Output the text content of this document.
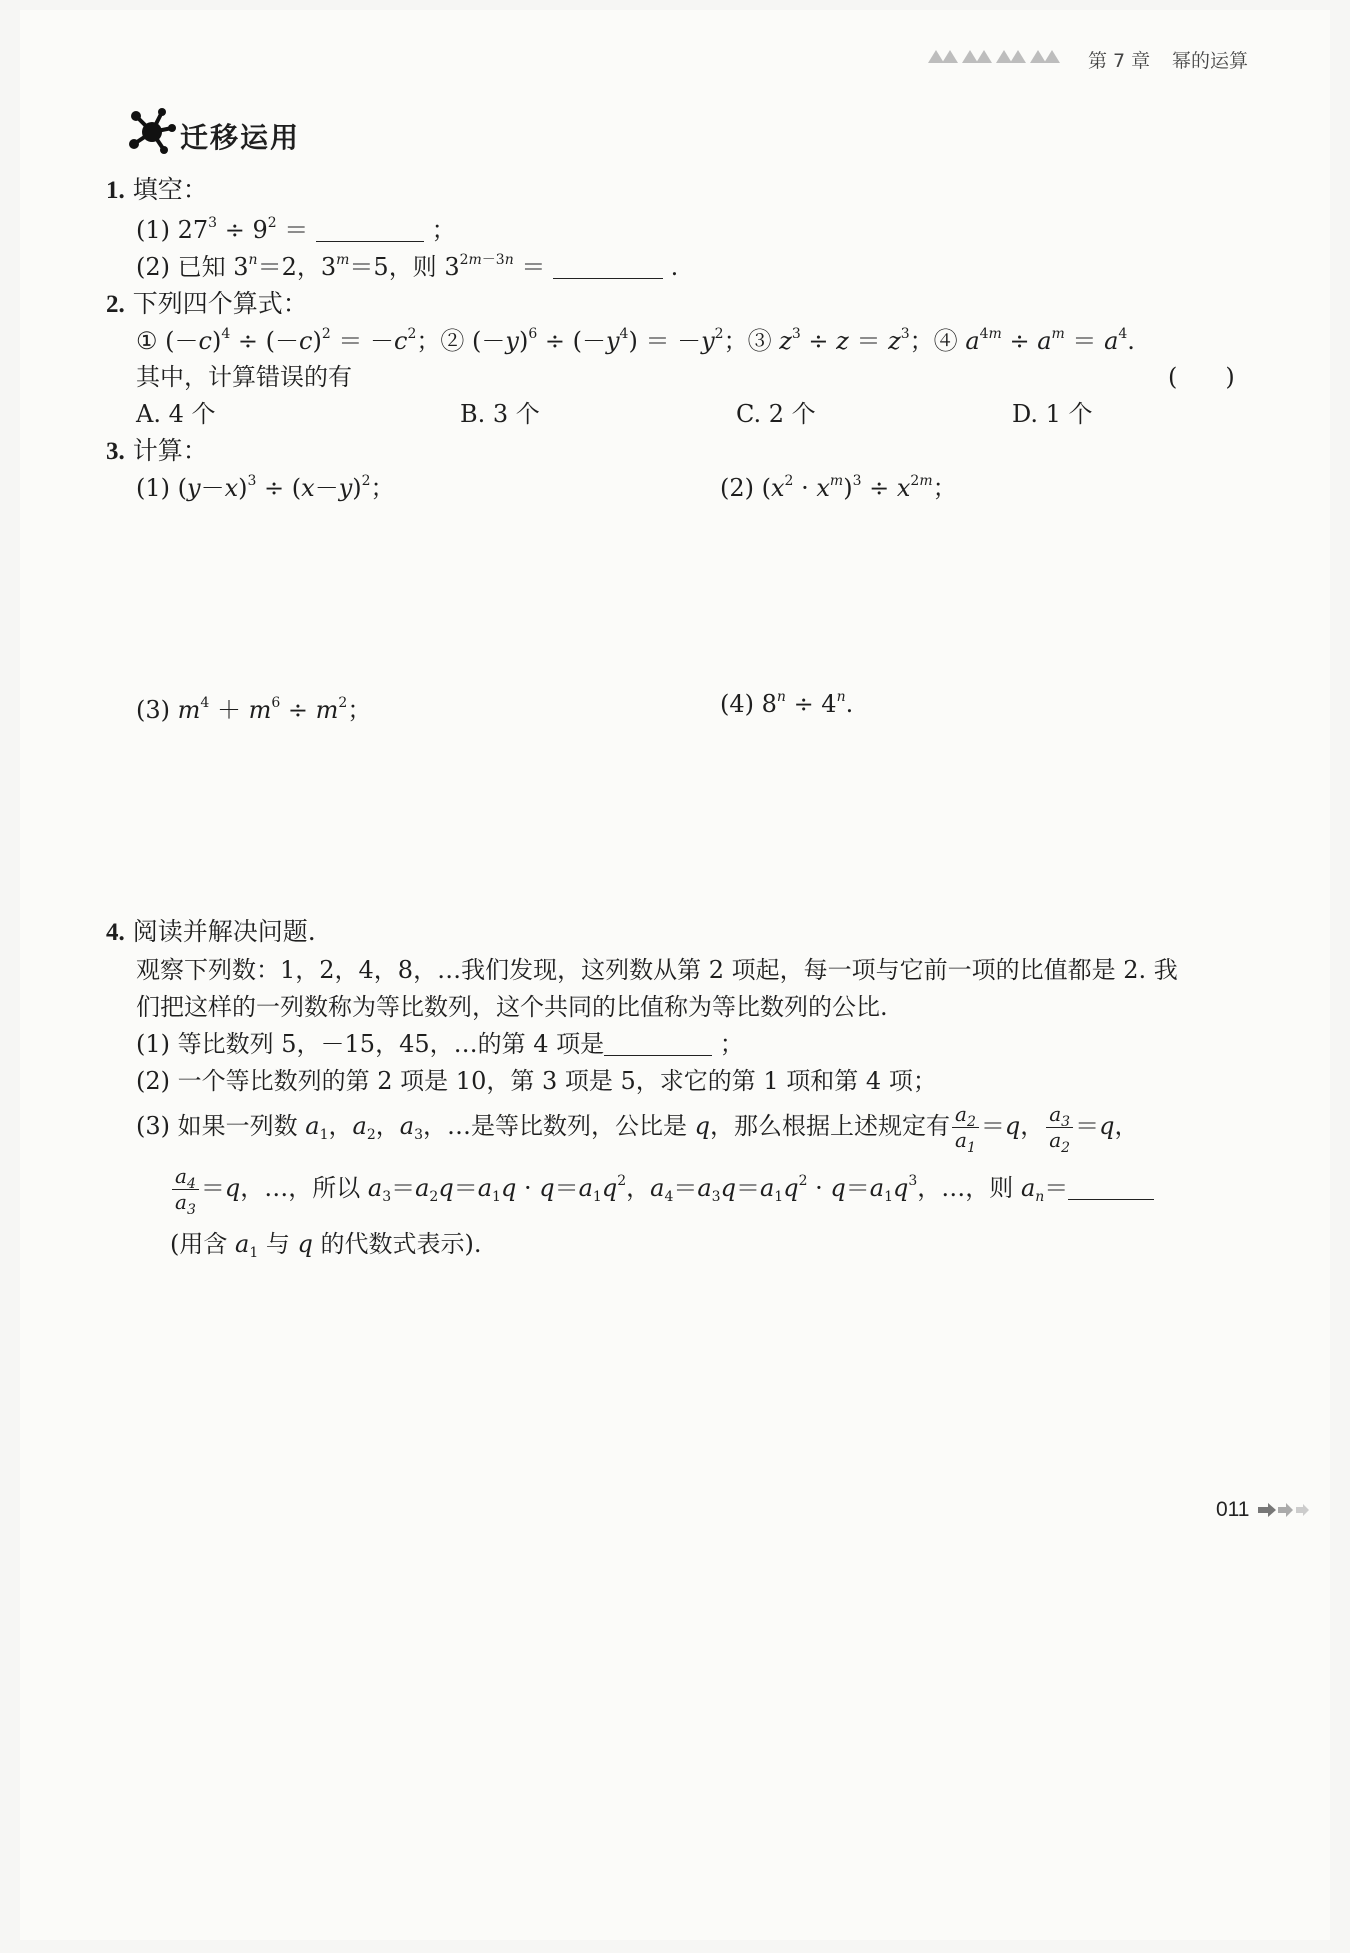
第 7 章 幂的运算
迁移运用
1. 填空：
(1) $27^3 \div 9^2$ ＝	；
(2) 已知 $3^n=2$，$3^m=5$，则 $3^{2m-3n}$ ＝	.
2. 下列四个算式：
① $(-c)^4 \div (-c)^2 = -c^2$；② $(-y)^6 \div (-y^4) = -y^2$；③ $z^3 \div z = z^3$；④ $a^{4m} \div a^m = a^4$.
其中，计算错误的有	(　　)
A. 4 个	B. 3 个	C. 2 个	D. 1 个
3. 计算：
(1) $(y-x)^3 \div (x-y)^2$；	(2) $(x^2 \cdot x^m)^3 \div x^{2m}$；
(3) $m^4 + m^6 \div m^2$；	(4) $8^n \div 4^n$.
4. 阅读并解决问题.
观察下列数：1，2，4，8，…我们发现，这列数从第 2 项起，每一项与它前一项的比值都是 2. 我
们把这样的一列数称为等比数列，这个共同的比值称为等比数列的公比.
(1) 等比数列 5，－15，45，…的第 4 项是	；
(2) 一个等比数列的第 2 项是 10，第 3 项是 5，求它的第 1 项和第 4 项；
(3) 如果一列数 $a_1$，$a_2$，$a_3$，…是等比数列，公比是 q，那么根据上述规定有 $\frac{a_2}{a_1} =q$， $\frac{a_3}{a_2} =q$，
$\frac{a_4}{a_3} =q$，…，所以 $a_3=a_2q=a_1q \cdot q=a_1q^2$，$a_4=a_3q=a_1q^2 \cdot q=a_1q^3$，…，则 $a_n=$
(用含 $a_1$ 与 q 的代数式表示).
011
